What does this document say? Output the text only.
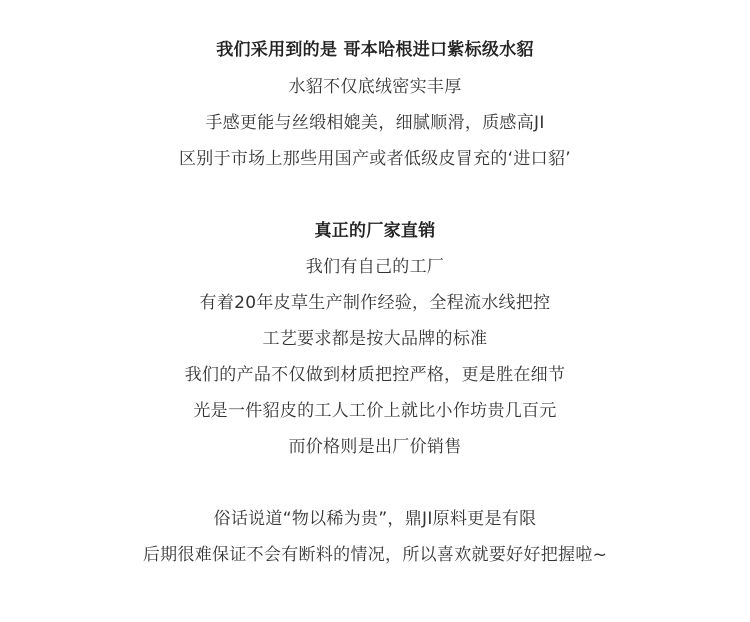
我们采用到的是 哥本哈根进口紫标级水貂
水貂不仅底绒密实丰厚
手感更能与丝缎相媲美，细腻顺滑，质感高JI
区别于市场上那些用国产或者低级皮冒充的‘进口貂’
真正的厂家直销
我们有自己的工厂
有着20年皮草生产制作经验，全程流水线把控
工艺要求都是按大品牌的标准
我们的产品不仅做到材质把控严格，更是胜在细节
光是一件貂皮的工人工价上就比小作坊贵几百元
而价格则是出厂价销售
俗话说道“物以稀为贵”，鼎JI原料更是有限
后期很难保证不会有断料的情况，所以喜欢就要好好把握啦~
